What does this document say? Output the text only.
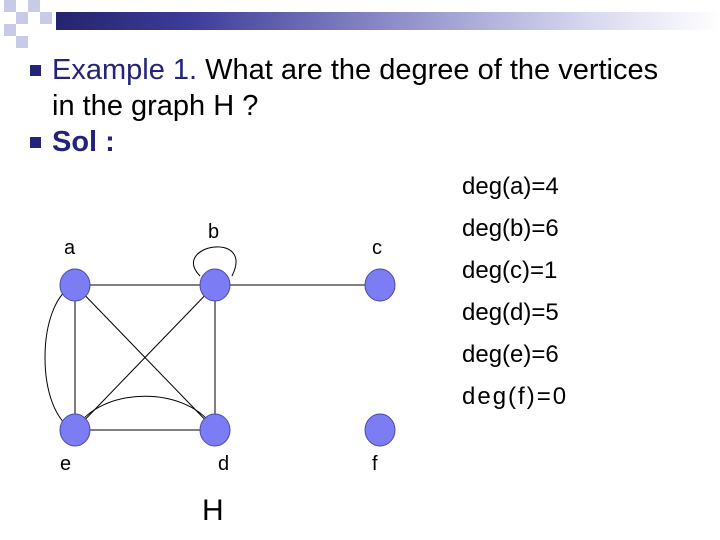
Example 1. What are the degree of the vertices in the graph H ?
Sol :
deg(a)=4
deg(b)=6
deg(c)=1
deg(d)=5
deg(e)=6
deg(f)=0
a
b
c
d
e	f
H
